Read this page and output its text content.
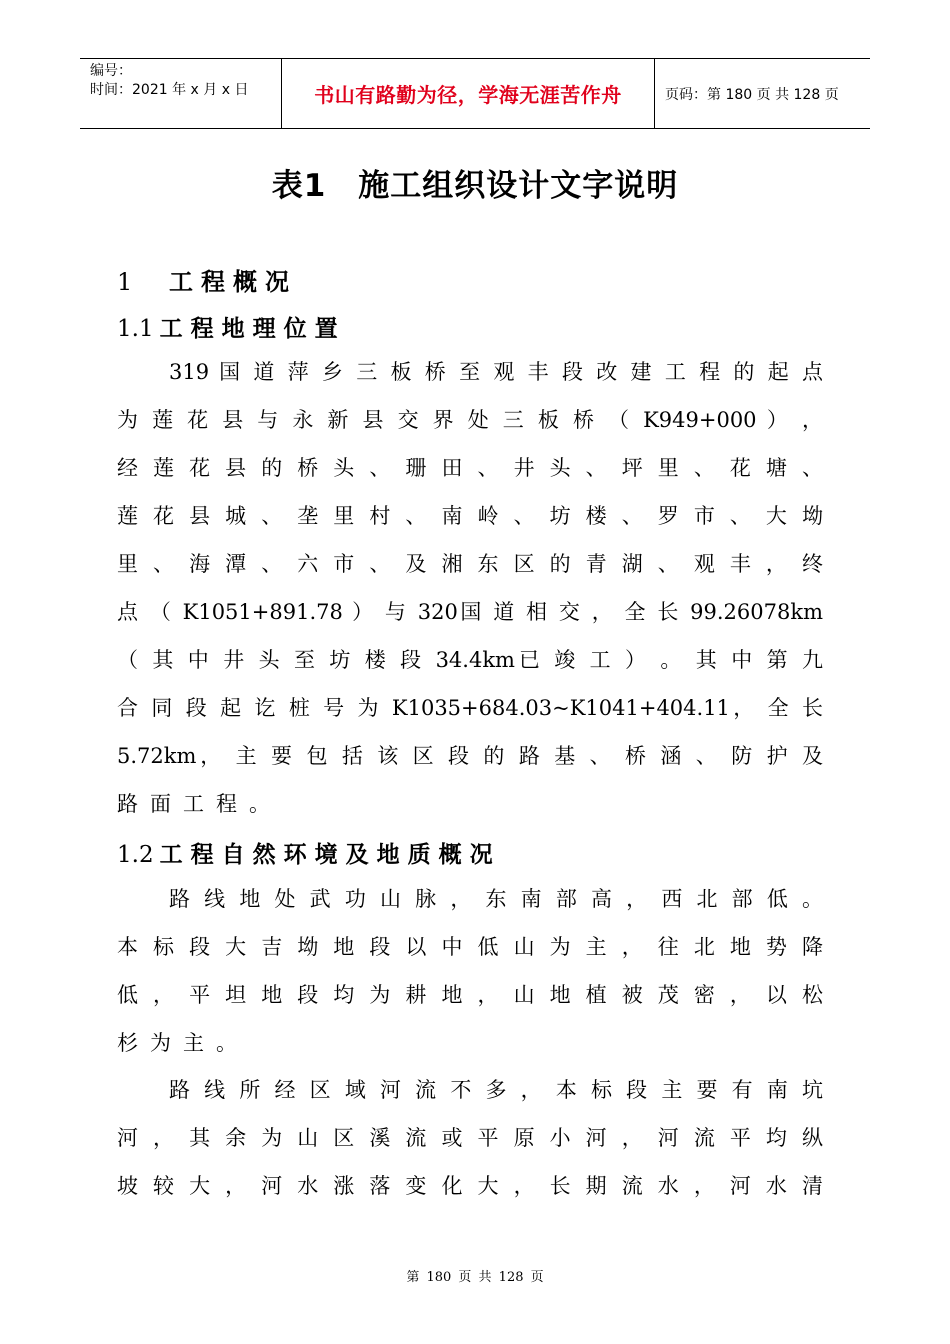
编号：
时间：2021 年 x 月 x 日	书山有路勤为径，学海无涯苦作舟	页码：第 180 页 共 128 页
表1　施工组织设计文字说明
1 工程概况
1.1 工程地理位置
319 国 道 萍 乡 三 板 桥 至 观 丰 段 改 建 工 程 的 起 点
为 莲 花 县 与 永 新 县 交 界 处 三 板 桥 （ K949+000 ） ，
经 莲 花 县 的 桥 头 、 珊 田 、 井 头 、 坪 里 、 花 塘 、
莲 花 县 城 、 垄 里 村 、 南 岭 、 坊 楼 、 罗 市 、 大 坳
里 、 海 潭 、 六 市 、 及 湘 东 区 的 青 湖 、 观 丰 ， 终
点 （ K1051+891.78 ） 与 320国 道 相 交 ， 全 长 99.26078km
（ 其 中 井 头 至 坊 楼 段 34.4km已 竣 工 ） 。 其 中 第 九
合 同 段 起 讫 桩 号 为 K1035+684.03~K1041+404.11， 全 长
5.72km， 主 要 包 括 该 区 段 的 路 基 、 桥 涵 、 防 护 及
路面工程。
1.2 工程自然环境及地质概况
路 线 地 处 武 功 山 脉 ， 东 南 部 高 ， 西 北 部 低 。
本 标 段 大 吉 坳 地 段 以 中 低 山 为 主 ， 往 北 地 势 降
低 ， 平 坦 地 段 均 为 耕 地 ， 山 地 植 被 茂 密 ， 以 松
杉为主。
路 线 所 经 区 域 河 流 不 多 ， 本 标 段 主 要 有 南 坑
河 ， 其 余 为 山 区 溪 流 或 平 原 小 河 ， 河 流 平 均 纵
坡 较 大 ， 河 水 涨 落 变 化 大 ， 长 期 流 水 ， 河 水 清
第 180 页 共 128 页
